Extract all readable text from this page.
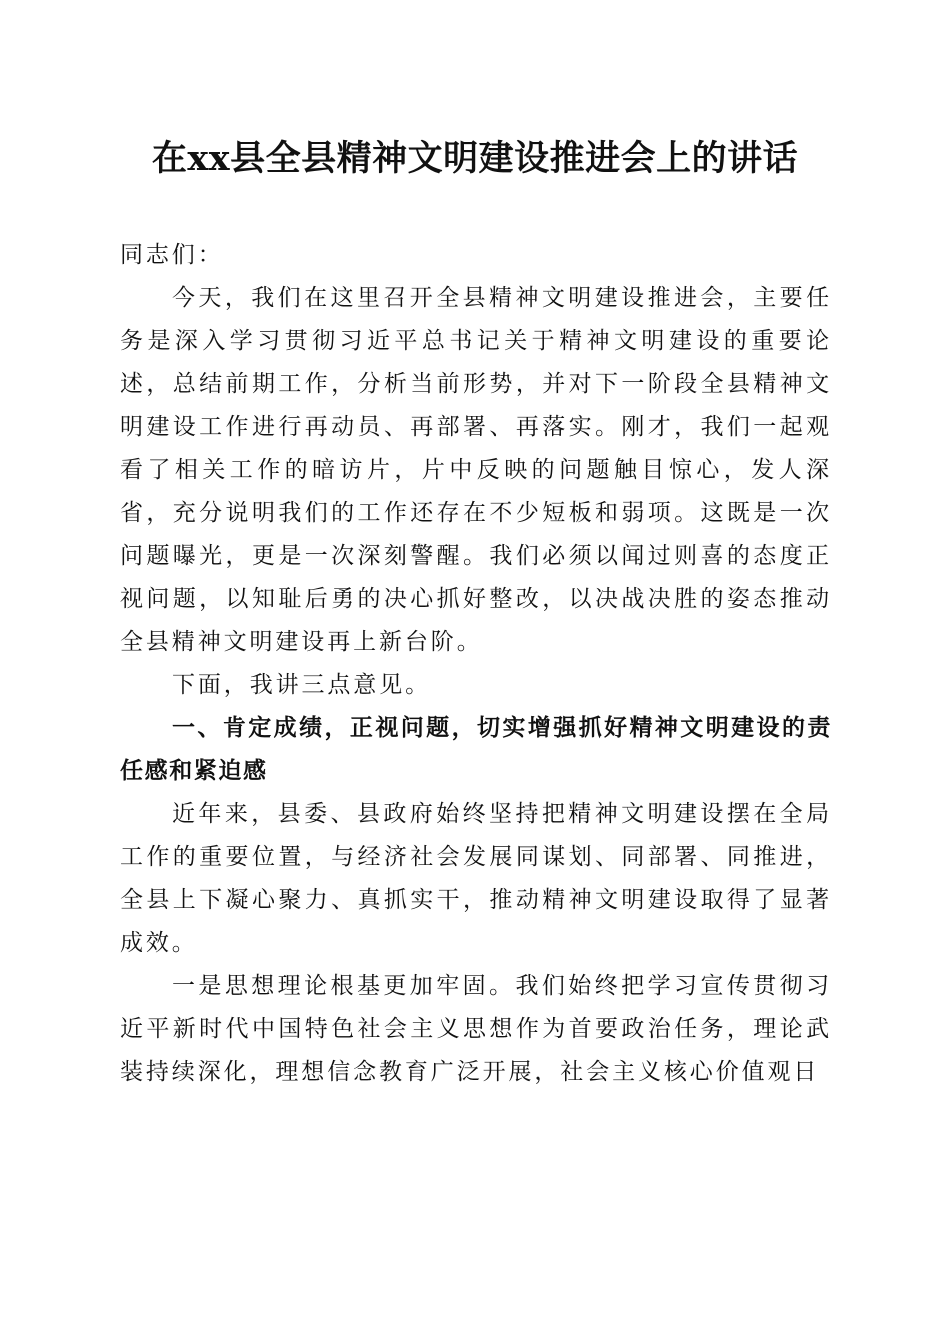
在xx县全县精神文明建设推进会上的讲话

同志们：

今天，我们在这里召开全县精神文明建设推进会，主要任务是深入学习贯彻习近平总书记关于精神文明建设的重要论述，总结前期工作，分析当前形势，并对下一阶段全县精神文明建设工作进行再动员、再部署、再落实。刚才，我们一起观看了相关工作的暗访片，片中反映的问题触目惊心，发人深省，充分说明我们的工作还存在不少短板和弱项。这既是一次问题曝光，更是一次深刻警醒。我们必须以闻过则喜的态度正视问题，以知耻后勇的决心抓好整改，以决战决胜的姿态推动全县精神文明建设再上新台阶。

下面，我讲三点意见。

一、肯定成绩，正视问题，切实增强抓好精神文明建设的责任感和紧迫感

近年来，县委、县政府始终坚持把精神文明建设摆在全局工作的重要位置，与经济社会发展同谋划、同部署、同推进，全县上下凝心聚力、真抓实干，推动精神文明建设取得了显著成效。

一是思想理论根基更加牢固。我们始终把学习宣传贯彻习近平新时代中国特色社会主义思想作为首要政治任务，理论武装持续深化，理想信念教育广泛开展，社会主义核心价值观日
